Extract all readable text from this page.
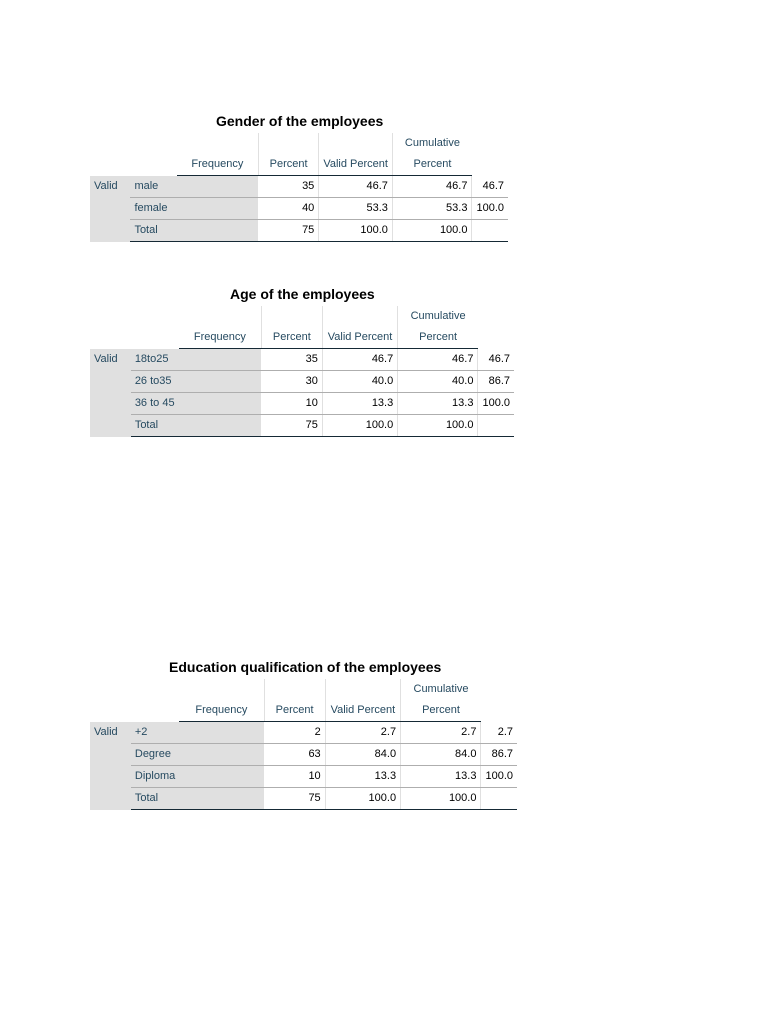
Gender of the employees
					Cumulative	
		Frequency	Percent	Valid Percent	Percent	
Valid	male		35	46.7	46.7	46.7
	female		40	53.3	53.3	100.0
	Total		75	100.0	100.0	
Age of the employees
					Cumulative	
		Frequency	Percent	Valid Percent	Percent	
Valid	18to25		35	46.7	46.7	46.7
	26 to35		30	40.0	40.0	86.7
	36 to 45		10	13.3	13.3	100.0
	Total		75	100.0	100.0	
Education qualification of the employees
					Cumulative	
		Frequency	Percent	Valid Percent	Percent	
Valid	+2		2	2.7	2.7	2.7
	Degree		63	84.0	84.0	86.7
	Diploma		10	13.3	13.3	100.0
	Total		75	100.0	100.0	
